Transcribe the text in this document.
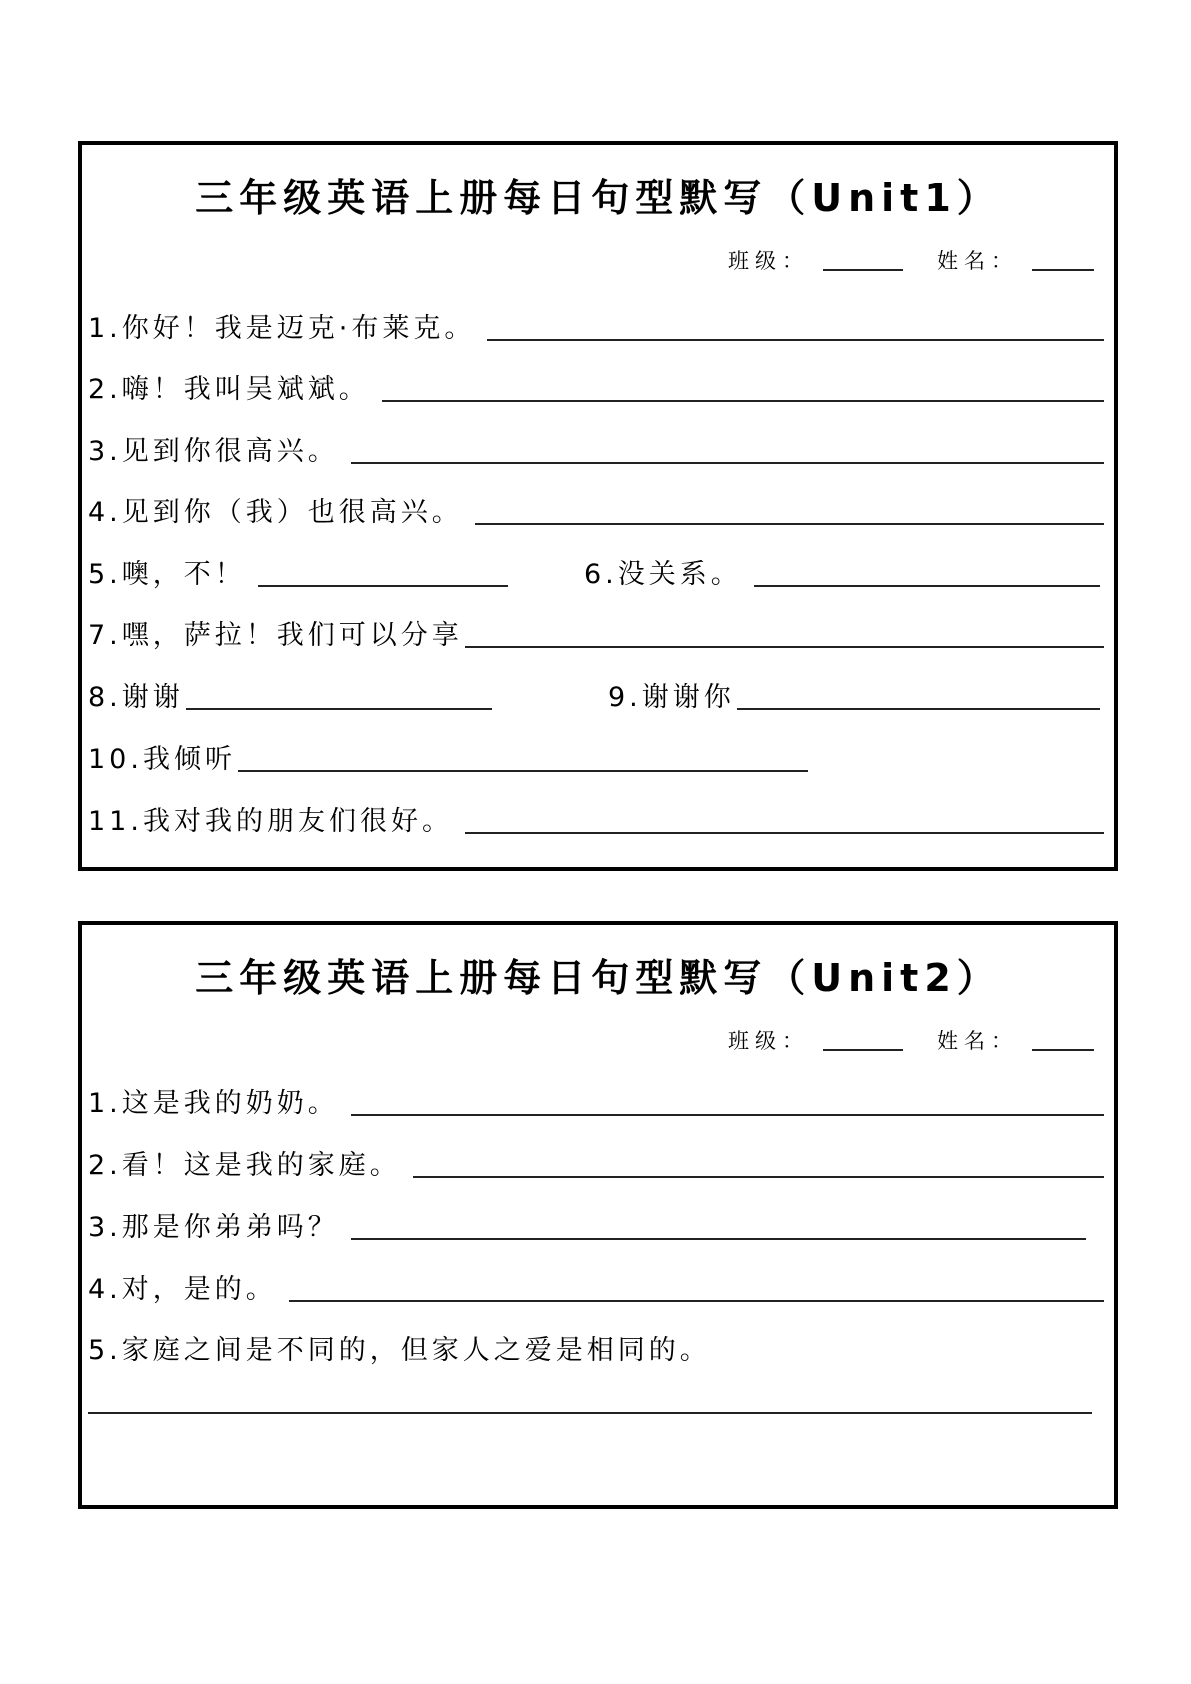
三年级英语上册每日句型默写（Unit1）
班级：	姓名：
1.你好！我是迈克·布莱克。
2.嗨！我叫吴斌斌。
3.见到你很高兴。
4.见到你（我）也很高兴。
5.噢，不！	6.没关系。
7.嘿，萨拉！我们可以分享
8.谢谢	9.谢谢你
10.我倾听
11.我对我的朋友们很好。
三年级英语上册每日句型默写（Unit2）
班级：	姓名：
1.这是我的奶奶。
2.看！这是我的家庭。
3.那是你弟弟吗？
4.对，是的。
5.家庭之间是不同的，但家人之爱是相同的。
